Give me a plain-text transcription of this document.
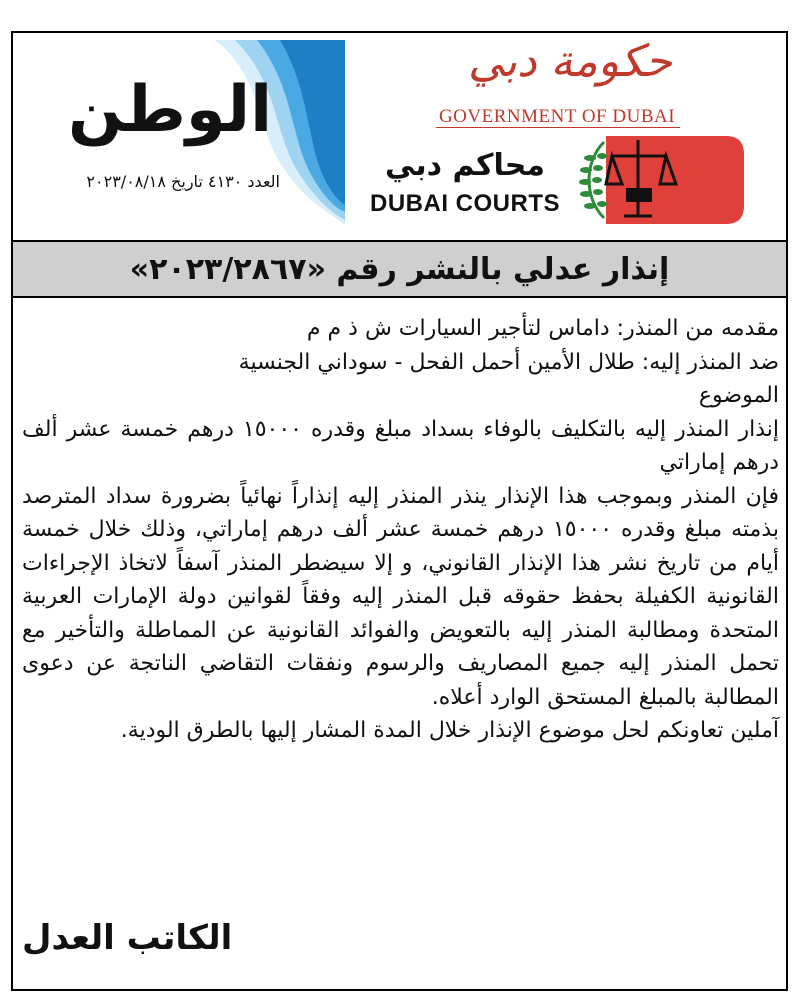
الوطن
العدد ٤١٣٠ تاريخ ٢٠٢٣/٠٨/١٨
حكومة دبي
GOVERNMENT OF DUBAI
محاكم دبي
DUBAI COURTS
إنذار عدلي بالنشر رقم «٢٠٢٣/٢٨٦٧»

مقدمه من المنذر: داماس لتأجير السيارات ش ذ م م

ضد المنذر إليه: طلال الأمين أحمل الفحل - سوداني الجنسية

الموضوع

إنذار المنذر إليه بالتكليف بالوفاء بسداد مبلغ وقدره ١٥٠٠٠ درهم خمسة عشر ألف درهم إماراتي

فإن المنذر وبموجب هذا الإنذار ينذر المنذر إليه إنذاراً نهائياً بضرورة سداد المترصد بذمته مبلغ وقدره ١٥٠٠٠ درهم خمسة عشر ألف درهم إماراتي، وذلك خلال خمسة أيام من تاريخ نشر هذا الإنذار القانوني، و إلا سيضطر المنذر آسفاً لاتخاذ الإجراءات القانونية الكفيلة بحفظ حقوقه قبل المنذر إليه وفقاً لقوانين دولة الإمارات العربية المتحدة ومطالبة المنذر إليه بالتعويض والفوائد القانونية عن المماطلة والتأخير مع تحمل المنذر إليه جميع المصاريف والرسوم ونفقات التقاضي الناتجة عن دعوى المطالبة بالمبلغ المستحق الوارد أعلاه.

آملين تعاونكم لحل موضوع الإنذار خلال المدة المشار إليها بالطرق الودية.

الكاتب العدل
